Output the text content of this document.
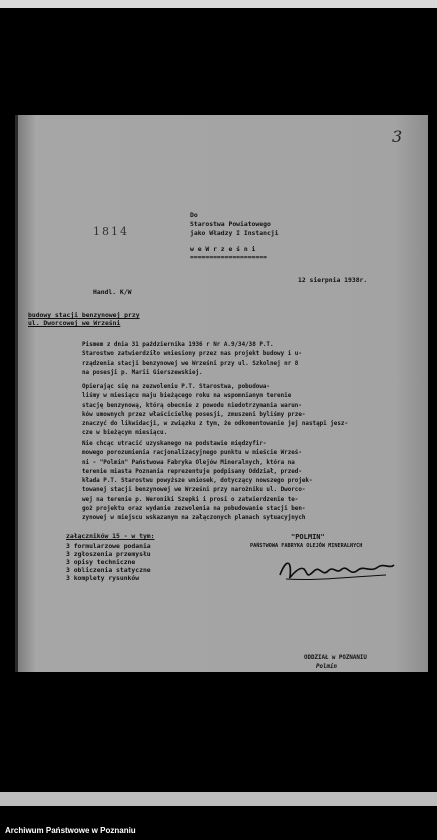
3
1814
Do
Starostwa Powiatowego
jako Władzy I Instancji
w e W r z e ś n i
====================
12 sierpnia 1938r.
Handl. K/W
budowy stacji benzynowej przy
ul. Dworcowej we Wrześni
Pismem z dnia 31 października 1936 r Nr A.9/34/38 P.T.
Starostwo zatwierdziło wniesiony przez nas projekt budowy i u-
rządzenia stacji benzynowej we Wrześni przy ul. Szkolnej nr 8
na posesji p. Marii Gierszewskiej.
Opierając się na zezwoleniu P.T. Starostwa, pobudowa-
liśmy w miesiącu maju bieżącego roku na wspomnianym terenie
stację benzynową, którą obecnie z powodu niedotrzymania warun-
ków umownych przez właścicielkę posesji, zmuszeni byliśmy prze-
znaczyć do likwidacji, w związku z tym, że odkomentowanie jej nastąpi jesz-
cze w bieżącym miesiącu.
Nie chcąc utracić uzyskanego na podstawie międzyfir-
mowego porozumienia racjonalizacyjnego punktu w mieście Wrześ-
ni - "Polmin" Państwowa Fabryka Olejów Mineralnych, która na
terenie miasta Poznania reprezentuje podpisany Oddział, przed-
kłada P.T. Starostwu powyższe wniosek, dotyczący nowszego projek-
towanej stacji benzynowej we Wrześni przy narożniku ul. Dworco-
wej na terenie p. Weroniki Szepki i prosi o zatwierdzenie te-
goż projektu oraz wydanie zezwolenia na pobudowanie stacji ben-
zynowej w miejscu wskazanym na załączonych planach sytuacyjnych
załączników 15 - w tym:
3 formularzowe podania
3 zgłoszenia przemysłu
3 opisy techniczne
3 obliczenia statyczne
3 komplety rysunków
"POLMIN"
PAŃSTWOWA FABRYKA OLEJÓW MINERALNYCH
ODDZIAŁ w POZNANIU
Polmin
Archiwum Państwowe w Poznaniu
